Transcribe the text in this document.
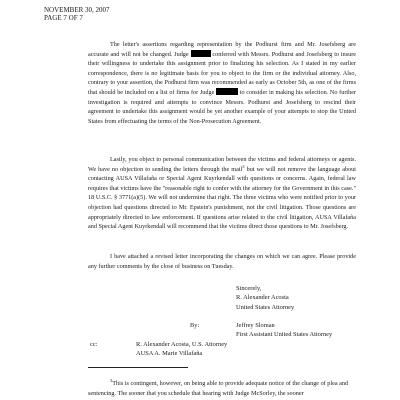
NOVEMBER 30, 2007
PAGE 7 OF 7

The letter's assertions regarding representation by the Podhurst firm and Mr. Josefsberg are accurate and will not be changed. Judge	conferred with Messrs. Podhurst and Josefsberg to insure their willingness to undertake this assignment prior to finalizing his selection. As I stated in my earlier correspondence, there is no legitimate basis for you to object to the firm or the individual attorney. Also, contrary to your assertion, the Podhurst firm was recommended as early as October 5th, as one of the firms that should be included on a list of firms for Judge	to consider in making his selection. No further investigation is required and attempts to convince Messrs. Podhurst and Josefsberg to rescind their agreement to undertake this assignment would be yet another example of your attempts to stop the United States from effectuating the terms of the Non-Prosecution Agreement.

Lastly, you object to personal communication between the victims and federal attorneys or agents. We have no objection to sending the letters through the mail$^3$ but we will not remove the language about contacting AUSA Villafaña or Special Agent Kuyrkendall with questions or concerns. Again, federal law requires that victims have the "reasonable right to confer with the attorney for the Government in this case." 18 U.S.C. § 3771(a)(5). We will not undermine that right. The three victims who were notified prior to your objection had questions directed to Mr. Epstein's punishment, not the civil litigation. Those questions are appropriately directed to law enforcement. If questions arise related to the civil litigation, AUSA Villafaña and Special Agent Kuyrkendall will recommend that the victims direct those questions to Mr. Josefsberg.

I have attached a revised letter incorporating the changes on which we can agree. Please provide any further comments by the close of business on Tuesday.

Sincerely,
R. Alexander Acosta
United States Attorney
By:	Jeffrey Sloman
First Assistant United States Attorney
cc:	R. Alexander Acosta, U.S. Attorney
AUSA A. Marie Villafaña

$^3$This is contingent, however, on being able to provide adequate notice of the change of plea and sentencing. The sooner that you schedule that hearing with Judge McSorley, the sooner
